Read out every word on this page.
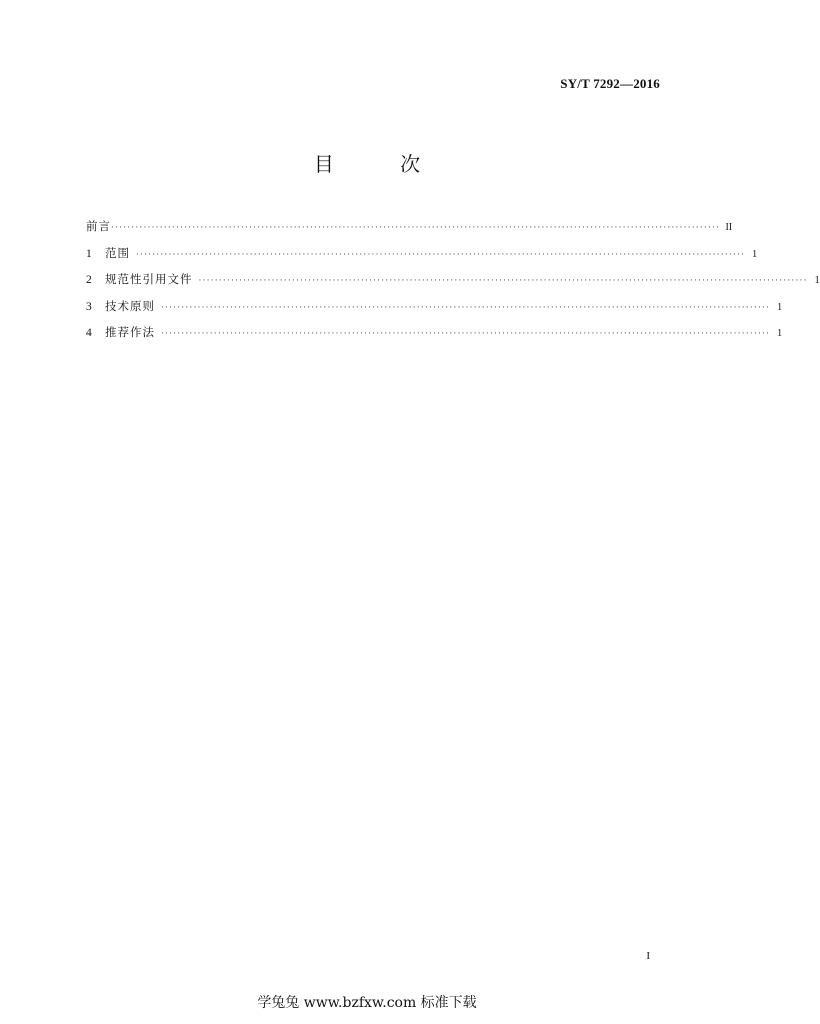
SY/T 7292—2016
目 次
前言 ······················································································································································ II
1	范围 ······················································································································································ 1
2	规范性引用文件 ······················································································································································ 1
3	技术原则 ······················································································································································ 1
4	推荐作法 ······················································································································································ 1
I
学兔兔 www.bzfxw.com 标准下载
